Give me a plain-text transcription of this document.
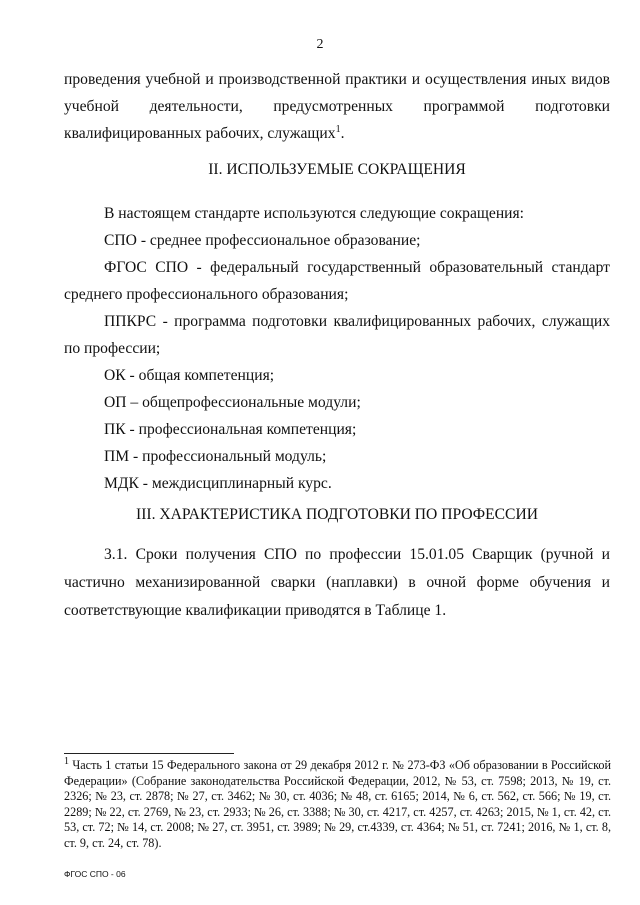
2

проведения учебной и производственной практики и осуществления иных видов

учебной деятельности, предусмотренных программой подготовки

квалифицированных рабочих, служащих$^1$.

II. ИСПОЛЬЗУЕМЫЕ СОКРАЩЕНИЯ

В настоящем стандарте используются следующие сокращения:

СПО - среднее профессиональное образование;

ФГОС СПО - федеральный государственный образовательный стандарт среднего профессионального образования;

ППКРС - программа подготовки квалифицированных рабочих, служащих по профессии;

ОК - общая компетенция;

ОП – общепрофессиональные модули;

ПК - профессиональная компетенция;

ПМ - профессиональный модуль;

МДК - междисциплинарный курс.

III. ХАРАКТЕРИСТИКА ПОДГОТОВКИ ПО ПРОФЕССИИ

3.1. Сроки получения СПО по профессии 15.01.05 Сварщик (ручной и частично механизированной сварки (наплавки) в очной форме обучения и соответствующие квалификации приводятся в Таблице 1.

$^1$ Часть 1 статьи 15 Федерального закона от 29 декабря 2012 г. № 273-ФЗ «Об образовании в Российской Федерации» (Собрание законодательства Российской Федерации, 2012, № 53, ст. 7598; 2013, № 19, ст. 2326; № 23, ст. 2878; № 27, ст. 3462; № 30, ст. 4036; № 48, ст. 6165; 2014, № 6, ст. 562, ст. 566; № 19, ст. 2289; № 22, ст. 2769, № 23, ст. 2933; № 26, ст. 3388; № 30, ст. 4217, ст. 4257, ст. 4263; 2015, № 1, ст. 42, ст. 53, ст. 72; № 14, ст. 2008; № 27, ст. 3951, ст. 3989; № 29, ст.4339, ст. 4364; № 51, ст. 7241; 2016, № 1, ст. 8, ст. 9, ст. 24, ст. 78).

ФГОС СПО - 06
